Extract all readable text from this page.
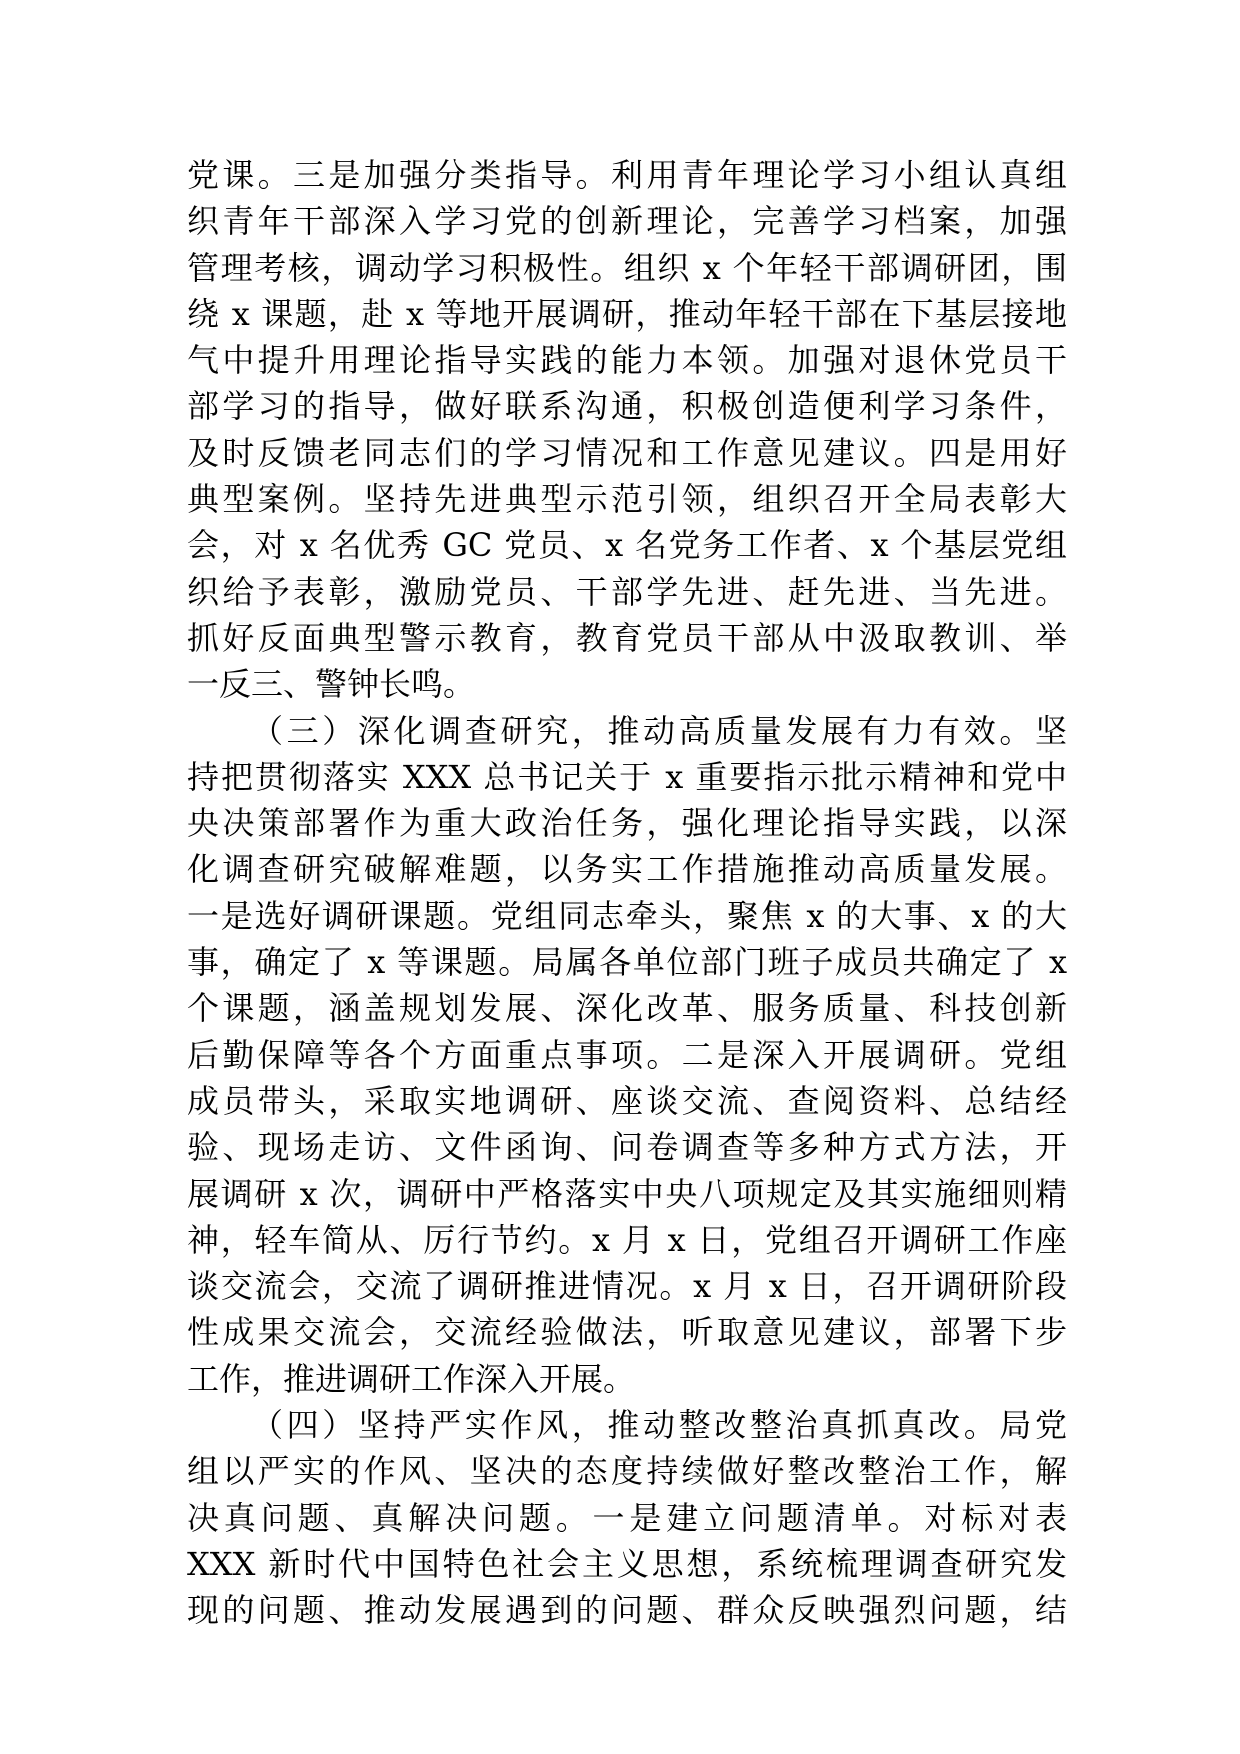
党课。三是加强分类指导。利用青年理论学习小组认真组
织青年干部深入学习党的创新理论，完善学习档案，加强
管理考核，调动学习积极性。组织 x 个年轻干部调研团，围
绕 x 课题，赴 x 等地开展调研，推动年轻干部在下基层接地
气中提升用理论指导实践的能力本领。加强对退休党员干
部学习的指导，做好联系沟通，积极创造便利学习条件，
及时反馈老同志们的学习情况和工作意见建议。四是用好
典型案例。坚持先进典型示范引领，组织召开全局表彰大
会，对 x 名优秀 GC 党员、x 名党务工作者、x 个基层党组
织给予表彰，激励党员、干部学先进、赶先进、当先进。
抓好反面典型警示教育，教育党员干部从中汲取教训、举
一反三、警钟长鸣。
（三）深化调查研究，推动高质量发展有力有效。坚
持把贯彻落实 XXX 总书记关于 x 重要指示批示精神和党中
央决策部署作为重大政治任务，强化理论指导实践，以深
化调查研究破解难题，以务实工作措施推动高质量发展。
一是选好调研课题。党组同志牵头，聚焦 x 的大事、x 的大
事，确定了 x 等课题。局属各单位部门班子成员共确定了 x
个课题，涵盖规划发展、深化改革、服务质量、科技创新
后勤保障等各个方面重点事项。二是深入开展调研。党组
成员带头，采取实地调研、座谈交流、查阅资料、总结经
验、现场走访、文件函询、问卷调查等多种方式方法，开
展调研 x 次，调研中严格落实中央八项规定及其实施细则精
神，轻车简从、厉行节约。x 月 x 日，党组召开调研工作座
谈交流会，交流了调研推进情况。x 月 x 日，召开调研阶段
性成果交流会，交流经验做法，听取意见建议，部署下步
工作，推进调研工作深入开展。
（四）坚持严实作风，推动整改整治真抓真改。局党
组以严实的作风、坚决的态度持续做好整改整治工作，解
决真问题、真解决问题。一是建立问题清单。对标对表
XXX 新时代中国特色社会主义思想，系统梳理调查研究发
现的问题、推动发展遇到的问题、群众反映强烈问题，结
